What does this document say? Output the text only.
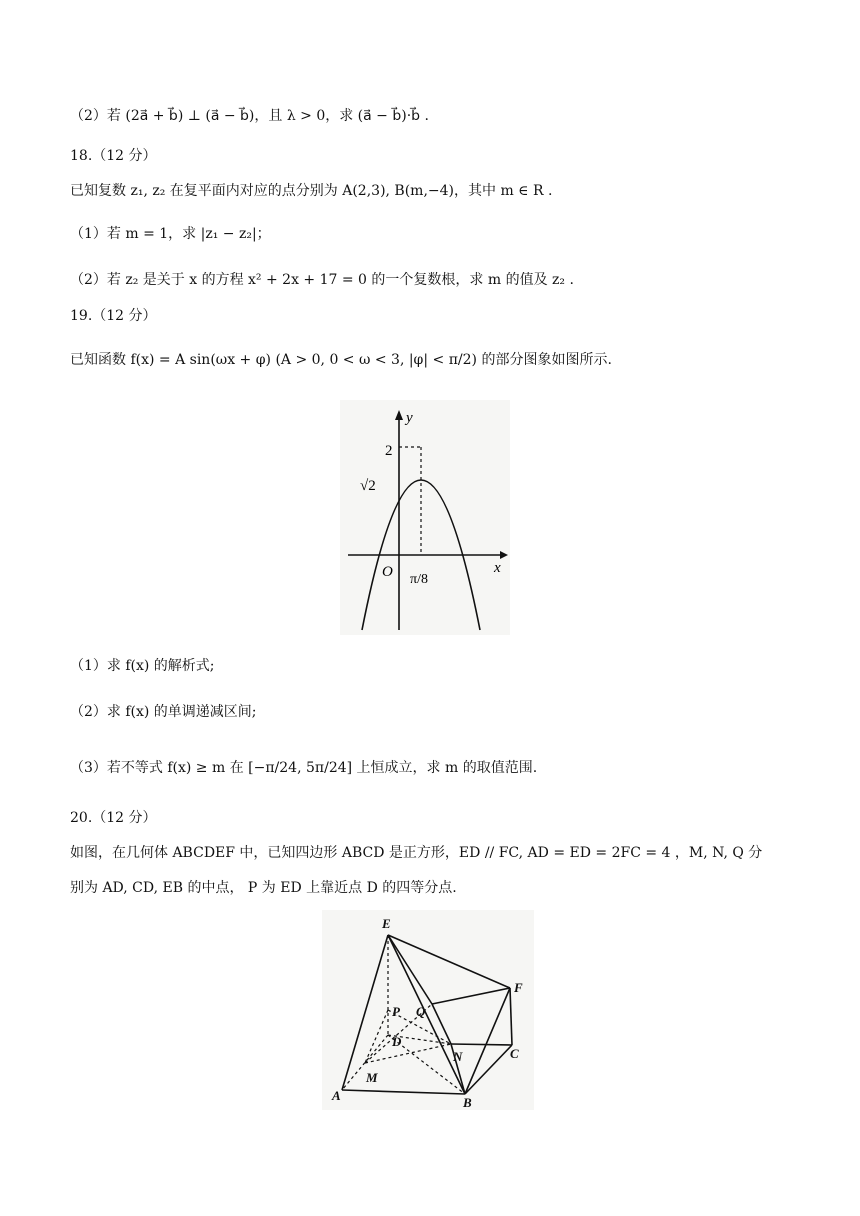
（2）若 (2a⃗ + b⃗) ⊥ (a⃗ − b⃗)，且 λ > 0，求 (a⃗ − b⃗)·b⃗ .
18.（12 分）
已知复数 z₁, z₂ 在复平面内对应的点分别为 A(2,3), B(m,−4)，其中 m ∈ R .
（1）若 m = 1，求 |z₁ − z₂|；
（2）若 z₂ 是关于 x 的方程 x² + 2x + 17 = 0 的一个复数根，求 m 的值及 z₂ .
19.（12 分）
已知函数 f(x) = A sin(ωx + φ) (A > 0, 0 < ω < 3, |φ| < π/2) 的部分图象如图所示.
y
x
O
2
√2
π/8
（1）求 f(x) 的解析式;
（2）求 f(x) 的单调递减区间;
（3）若不等式 f(x) ≥ m 在 [−π/24, 5π/24] 上恒成立，求 m 的取值范围.
20.（12 分）
如图，在几何体 ABCDEF 中，已知四边形 ABCD 是正方形，ED // FC, AD = ED = 2FC = 4 ，M, N, Q 分
别为 AD, CD, EB 的中点， P 为 ED 上靠近点 D 的四等分点.
E
F
P Q
D
N	C
M
A	B
